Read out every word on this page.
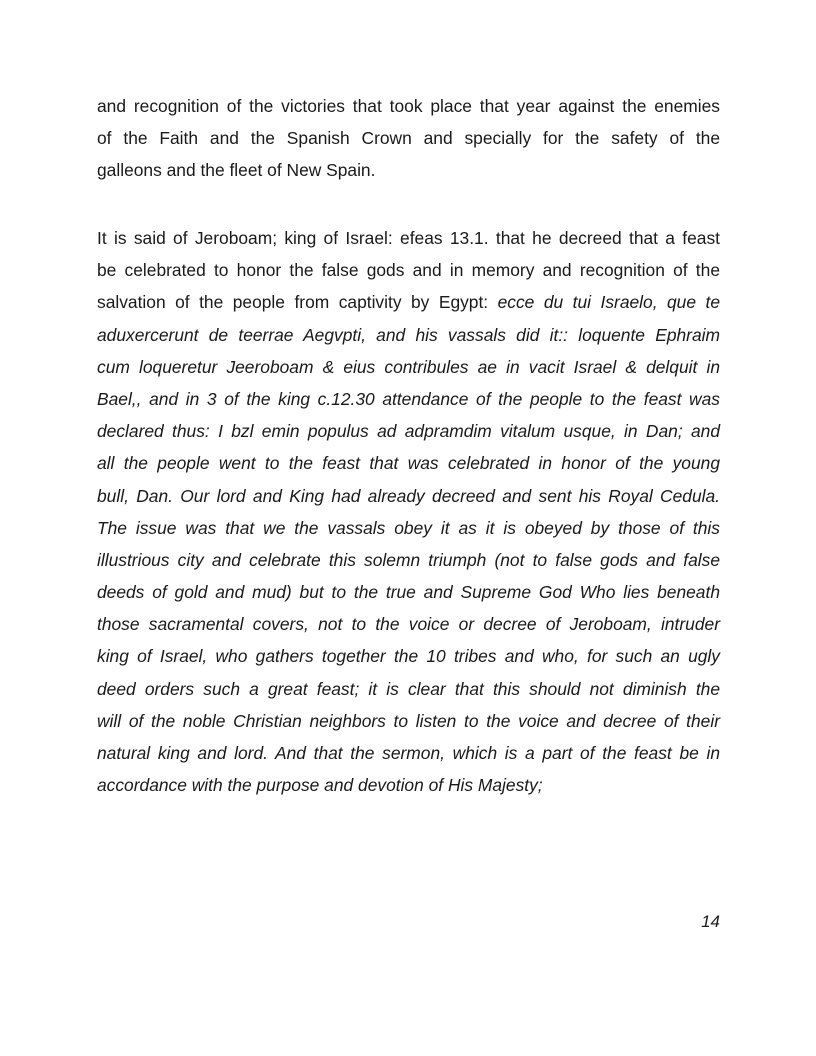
and recognition of the victories that took place that year against the enemies
of the Faith and the Spanish Crown and specially for the safety of the
galleons and the fleet of New Spain.
It is said of Jeroboam; king of Israel: efeas 13.1. that he decreed that a feast
be celebrated to honor the false gods and in memory and recognition of the
salvation of the people from captivity by Egypt: ecce du tui Israelo, que te
aduxercerunt de teerrae Aegvpti, and his vassals did it:: loquente Ephraim
cum loqueretur Jeeroboam & eius contribules ae in vacit Israel & delquit in
Bael,, and in 3 of the king c.12.30 attendance of the people to the feast was
declared thus: I bzl emin populus ad adpramdim vitalum usque, in Dan; and
all the people went to the feast that was celebrated in honor of the young
bull, Dan. Our lord and King had already decreed and sent his Royal Cedula.
The issue was that we the vassals obey it as it is obeyed by those of this
illustrious city and celebrate this solemn triumph (not to false gods and false
deeds of gold and mud) but to the true and Supreme God Who lies beneath
those sacramental covers, not to the voice or decree of Jeroboam, intruder
king of Israel, who gathers together the 10 tribes and who, for such an ugly
deed orders such a great feast; it is clear that this should not diminish the
will of the noble Christian neighbors to listen to the voice and decree of their
natural king and lord. And that the sermon, which is a part of the feast be in
accordance with the purpose and devotion of His Majesty;
14
